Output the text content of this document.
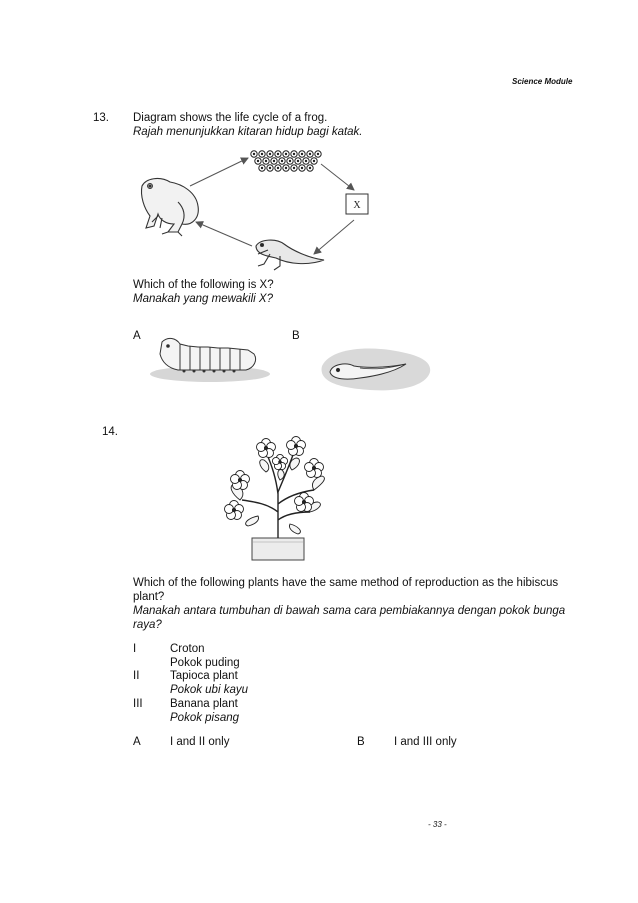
Science Module
13. Diagram shows the life cycle of a frog.
Rajah menunjukkan kitaran hidup bagi katak.
X
Which of the following is X?
Manakah yang mewakili X?
A	B
14.
Which of the following plants have the same method of reproduction as the hibiscus
plant?
Manakah antara tumbuhan di bawah sama cara pembiakannya dengan pokok bunga
raya?
I	Croton
Pokok puding
II	Tapioca plant
Pokok ubi kayu
III Banana plant
Pokok pisang
A	I and II only	B	I and III only
- 33 -
